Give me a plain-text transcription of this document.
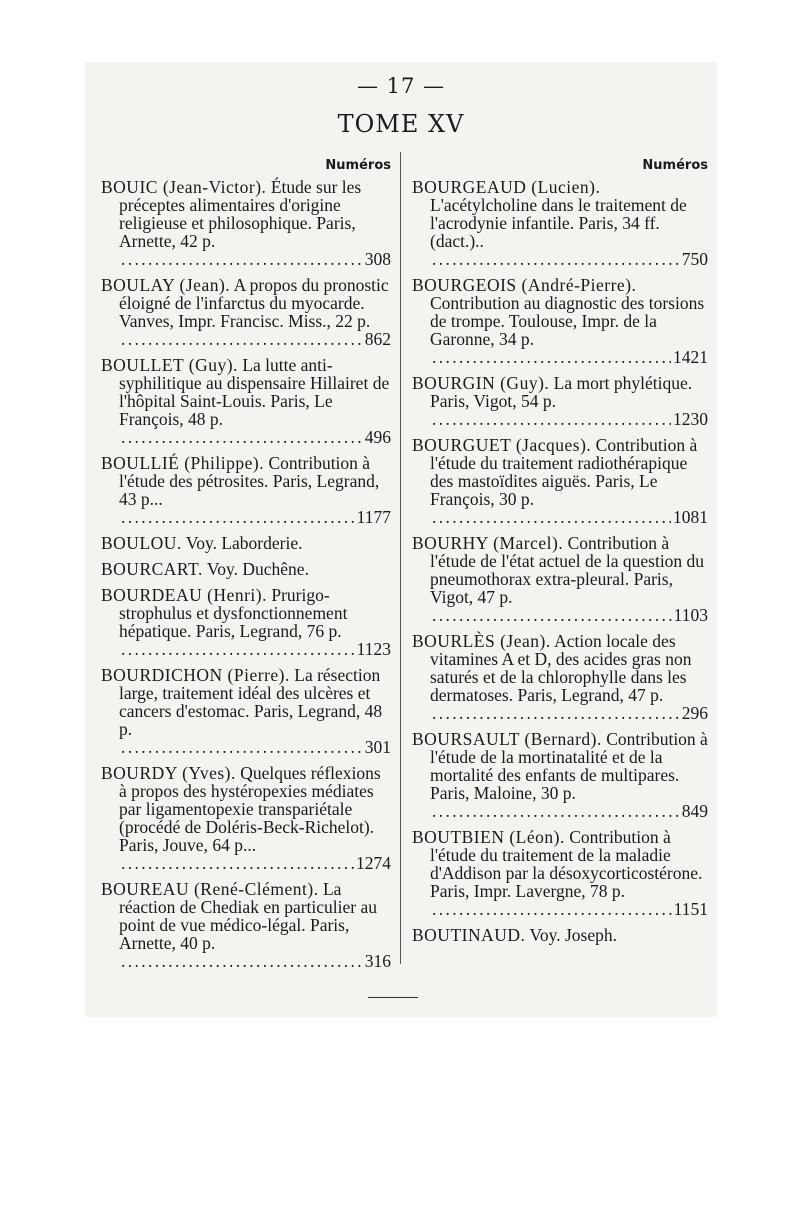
— 17 —
TOME XV
Numéros
BOUIC (Jean-Victor). Étude sur les préceptes alimentaires d'origine religieuse et philosophique. Paris, Arnette, 42 p.
. . .
308
BOULAY (Jean). A propos du pronostic éloigné de l'infarctus du myocarde. Vanves, Impr. Francisc. Miss., 22 p.
. . .
862
BOULLET (Guy). La lutte anti-syphilitique au dispensaire Hillairet de l'hôpital Saint-Louis. Paris, Le François, 48 p.
. . .
496
BOULLIÉ (Philippe). Contribution à l'étude des pétrosites. Paris, Legrand, 43 p...
. . .
1177
BOULOU. Voy. Laborderie.
BOURCART. Voy. Duchêne.
BOURDEAU (Henri). Prurigo-strophulus et dysfonctionnement hépatique. Paris, Legrand, 76 p.
. . .
1123
BOURDICHON (Pierre). La résection large, traitement idéal des ulcères et cancers d'estomac. Paris, Legrand, 48 p.
. . .
301
BOURDY (Yves). Quelques réflexions à propos des hystéropexies médiates par ligamentopexie transpariétale (procédé de Doléris-Beck-Richelot). Paris, Jouve, 64 p...
. . .
1274
BOUREAU (René-Clément). La réaction de Chediak en particulier au point de vue médico-légal. Paris, Arnette, 40 p.
. . .
316
Numéros
BOURGEAUD (Lucien). L'acétylcholine dans le traitement de l'acrodynie infantile. Paris, 34 ff. (dact.)..
. . .
750
BOURGEOIS (André-Pierre). Contribution au diagnostic des torsions de trompe. Toulouse, Impr. de la Garonne, 34 p.
. . .
1421
BOURGIN (Guy). La mort phylétique. Paris, Vigot, 54 p.
. . .
1230
BOURGUET (Jacques). Contribution à l'étude du traitement radiothérapique des mastoïdites aiguës. Paris, Le François, 30 p.
. . .
1081
BOURHY (Marcel). Contribution à l'étude de l'état actuel de la question du pneumothorax extra-pleural. Paris, Vigot, 47 p.
. . .
1103
BOURLÈS (Jean). Action locale des vitamines A et D, des acides gras non saturés et de la chlorophylle dans les dermatoses. Paris, Legrand, 47 p.
. . .
296
BOURSAULT (Bernard). Contribution à l'étude de la mortinatalité et de la mortalité des enfants de multipares. Paris, Maloine, 30 p.
. . .
849
BOUTBIEN (Léon). Contribution à l'étude du traitement de la maladie d'Addison par la désoxycorticostérone. Paris, Impr. Lavergne, 78 p.
. . .
1151
BOUTINAUD. Voy. Joseph.
